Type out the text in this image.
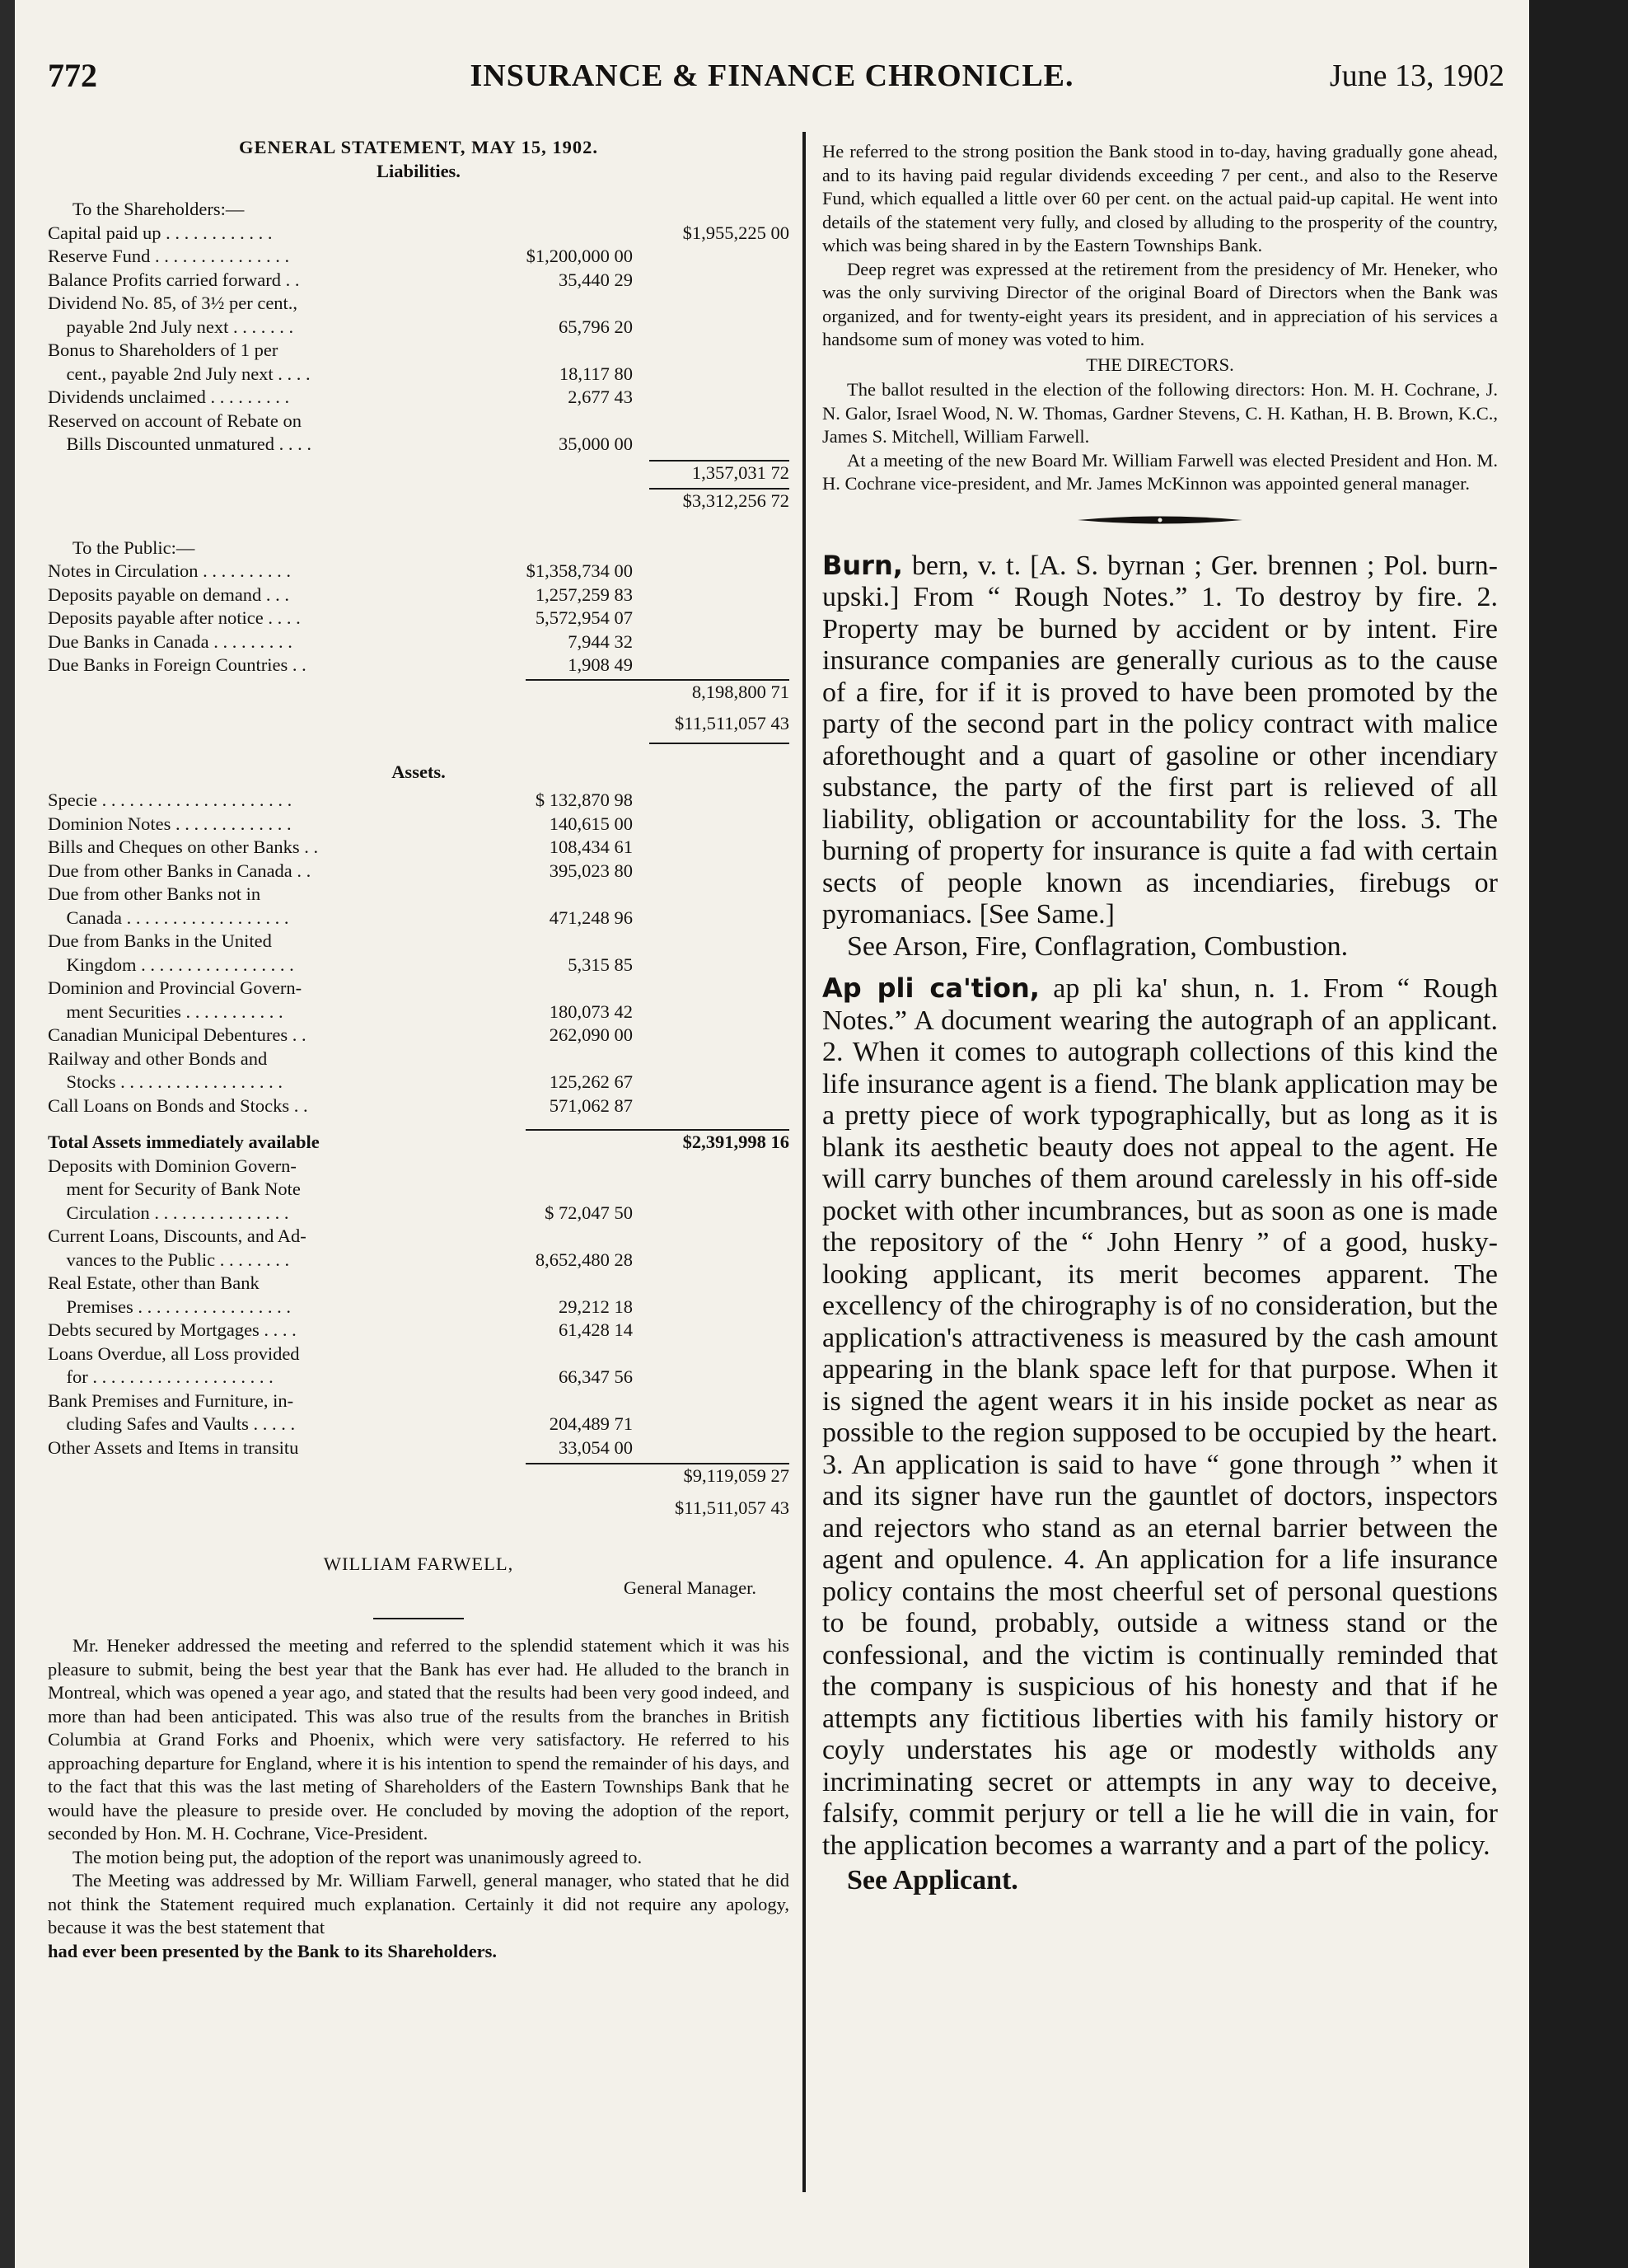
772	INSURANCE & FINANCE CHRONICLE.	June 13, 1902
GENERAL STATEMENT, MAY 15, 1902.
Liabilities.
To the Shareholders:—
Capital paid up . . . . . . . . . . . .	$1,955,225 00
Reserve Fund . . . . . . . . . . . . . . .	$1,200,000 00
Balance Profits carried forward . .	35,440 29
Dividend No. 85, of 3½ per cent.,
payable 2nd July next . . . . . . .	65,796 20
Bonus to Shareholders of 1 per
cent., payable 2nd July next . . . .	18,117 80
Dividends unclaimed . . . . . . . . .	2,677 43
Reserved on account of Rebate on
Bills Discounted unmatured . . . .	35,000 00
1,357,031 72
$3,312,256 72
To the Public:—
Notes in Circulation . . . . . . . . . .	$1,358,734 00
Deposits payable on demand . . .	1,257,259 83
Deposits payable after notice . . . .	5,572,954 07
Due Banks in Canada . . . . . . . . .	7,944 32
Due Banks in Foreign Countries . .	1,908 49
8,198,800 71
$11,511,057 43
Assets.
Specie . . . . . . . . . . . . . . . . . . . . .	$ 132,870 98
Dominion Notes . . . . . . . . . . . . .	140,615 00
Bills and Cheques on other Banks . .	108,434 61
Due from other Banks in Canada . .	395,023 80
Due from other Banks not in
Canada . . . . . . . . . . . . . . . . . .	471,248 96
Due from Banks in the United
Kingdom . . . . . . . . . . . . . . . . .	5,315 85
Dominion and Provincial Govern-
ment Securities . . . . . . . . . . .	180,073 42
Canadian Municipal Debentures . .	262,090 00
Railway and other Bonds and
Stocks . . . . . . . . . . . . . . . . . .	125,262 67
Call Loans on Bonds and Stocks . .	571,062 87
Total Assets immediately available	$2,391,998 16
Deposits with Dominion Govern-
ment for Security of Bank Note
Circulation . . . . . . . . . . . . . . .	$ 72,047 50
Current Loans, Discounts, and Ad-
vances to the Public . . . . . . . .	8,652,480 28
Real Estate, other than Bank
Premises . . . . . . . . . . . . . . . . .	29,212 18
Debts secured by Mortgages . . . .	61,428 14
Loans Overdue, all Loss provided
for . . . . . . . . . . . . . . . . . . . .	66,347 56
Bank Premises and Furniture, in-
cluding Safes and Vaults . . . . .	204,489 71
Other Assets and Items in transitu	33,054 00
$9,119,059 27
$11,511,057 43
WILLIAM FARWELL,
General Manager.

Mr. Heneker addressed the meeting and referred to the splendid statement which it was his pleasure to submit, being the best year that the Bank has ever had. He alluded to the branch in Montreal, which was opened a year ago, and stated that the results had been very good indeed, and more than had been anticipated. This was also true of the results from the branches in British Columbia at Grand Forks and Phoenix, which were very satisfactory. He referred to his approaching departure for England, where it is his intention to spend the remainder of his days, and to the fact that this was the last meting of Shareholders of the Eastern Townships Bank that he would have the pleasure to preside over. He concluded by moving the adoption of the report, seconded by Hon. M. H. Cochrane, Vice-President.

The motion being put, the adoption of the report was unanimously agreed to.

The Meeting was addressed by Mr. William Farwell, general manager, who stated that he did not think the Statement required much explanation. Certainly it did not require any apology, because it was the best statement that

had ever been presented by the Bank to its Shareholders.

He referred to the strong position the Bank stood in to-day, having gradually gone ahead, and to its having paid regular dividends exceeding 7 per cent., and also to the Reserve Fund, which equalled a little over 60 per cent. on the actual paid-up capital. He went into details of the statement very fully, and closed by alluding to the prosperity of the country, which was being shared in by the Eastern Townships Bank.

Deep regret was expressed at the retirement from the presidency of Mr. Heneker, who was the only surviving Director of the original Board of Directors when the Bank was organized, and for twenty-eight years its president, and in appreciation of his services a handsome sum of money was voted to him.

THE DIRECTORS.

The ballot resulted in the election of the following directors: Hon. M. H. Cochrane, J. N. Galor, Israel Wood, N. W. Thomas, Gardner Stevens, C. H. Kathan, H. B. Brown, K.C., James S. Mitchell, William Farwell.

At a meeting of the new Board Mr. William Farwell was elected President and Hon. M. H. Cochrane vice-president, and Mr. James McKinnon was appointed general manager.

Burn, bern, v. t. [A. S. byrnan ; Ger. brennen ; Pol. burn-upski.] From “ Rough Notes.” 1. To destroy by fire. 2. Property may be burned by accident or by intent. Fire insurance companies are generally curious as to the cause of a fire, for if it is proved to have been promoted by the party of the second part in the policy contract with malice aforethought and a quart of gasoline or other incendiary substance, the party of the first part is relieved of all liability, obligation or accountability for the loss. 3. The burning of property for insurance is quite a fad with certain sects of people known as incendiaries, firebugs or pyromaniacs. [See Same.]

See Arson, Fire, Conflagration, Combustion.

Ap pli ca'tion, ap pli ka' shun, n. 1. From “ Rough Notes.” A document wearing the autograph of an applicant. 2. When it comes to autograph collections of this kind the life insurance agent is a fiend. The blank application may be a pretty piece of work typographically, but as long as it is blank its aesthetic beauty does not appeal to the agent. He will carry bunches of them around carelessly in his off-side pocket with other incumbrances, but as soon as one is made the repository of the “ John Henry ” of a good, husky-looking applicant, its merit becomes apparent. The excellency of the chirography is of no consideration, but the application's attractiveness is measured by the cash amount appearing in the blank space left for that purpose. When it is signed the agent wears it in his inside pocket as near as possible to the region supposed to be occupied by the heart. 3. An application is said to have “ gone through ” when it and its signer have run the gauntlet of doctors, inspectors and rejectors who stand as an eternal barrier between the agent and opulence. 4. An application for a life insurance policy contains the most cheerful set of personal questions to be found, probably, outside a witness stand or the confessional, and the victim is continually reminded that the company is suspicious of his honesty and that if he attempts any fictitious liberties with his family history or coyly understates his age or modestly witholds any incriminating secret or attempts in any way to deceive, falsify, commit perjury or tell a lie he will die in vain, for the application becomes a warranty and a part of the policy.

See Applicant.
